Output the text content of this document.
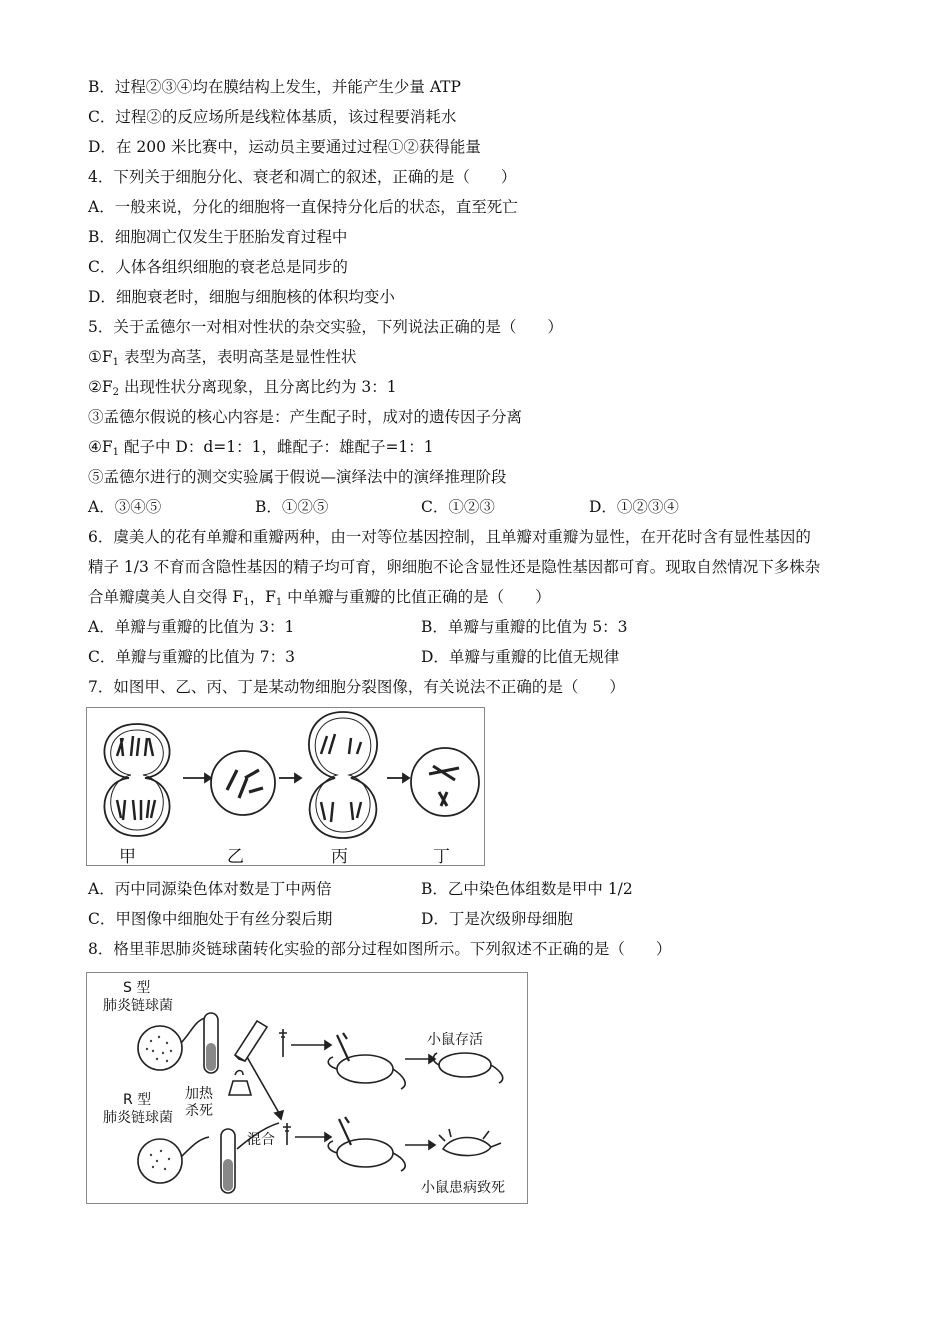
B．过程②③④均在膜结构上发生，并能产生少量 ATP
C．过程②的反应场所是线粒体基质，该过程要消耗水
D．在 200 米比赛中，运动员主要通过过程①②获得能量
4．下列关于细胞分化、衰老和凋亡的叙述，正确的是（　　）
A．一般来说，分化的细胞将一直保持分化后的状态，直至死亡
B．细胞凋亡仅发生于胚胎发育过程中
C．人体各组织细胞的衰老总是同步的
D．细胞衰老时，细胞与细胞核的体积均变小
5．关于孟德尔一对相对性状的杂交实验，下列说法正确的是（　　）
$①F_1$ 表型为高茎，表明高茎是显性性状
$②F_2$ 出现性状分离现象，且分离比约为 3：1
③孟德尔假说的核心内容是：产生配子时，成对的遗传因子分离
$④F_1$ 配子中 D：d=1：1，雌配子：雄配子=1：1
⑤孟德尔进行的测交实验属于假说—演绎法中的演绎推理阶段
A．③④⑤	B．①②⑤	C．①②③	D．①②③④
6．虞美人的花有单瓣和重瓣两种，由一对等位基因控制，且单瓣对重瓣为显性，在开花时含有显性基因的
精子 1/3 不育而含隐性基因的精子均可育，卵细胞不论含显性还是隐性基因都可育。现取自然情况下多株杂
合单瓣虞美人自交得 $F_1$，$F_1$ 中单瓣与重瓣的比值正确的是（　　）
A．单瓣与重瓣的比值为 3：1	B．单瓣与重瓣的比值为 5：3
C．单瓣与重瓣的比值为 7：3	D．单瓣与重瓣的比值无规律
7．如图甲、乙、丙、丁是某动物细胞分裂图像，有关说法不正确的是（　　）
甲	乙	丙	丁
A．丙中同源染色体对数是丁中两倍	B．乙中染色体组数是甲中 1/2
C．甲图像中细胞处于有丝分裂后期	D．丁是次级卵母细胞
8．格里菲思肺炎链球菌转化实验的部分过程如图所示。下列叙述不正确的是（　　）
S 型
肺炎链球菌
加热
杀死
R 型
肺炎链球菌
混合
小鼠存活
小鼠患病致死
